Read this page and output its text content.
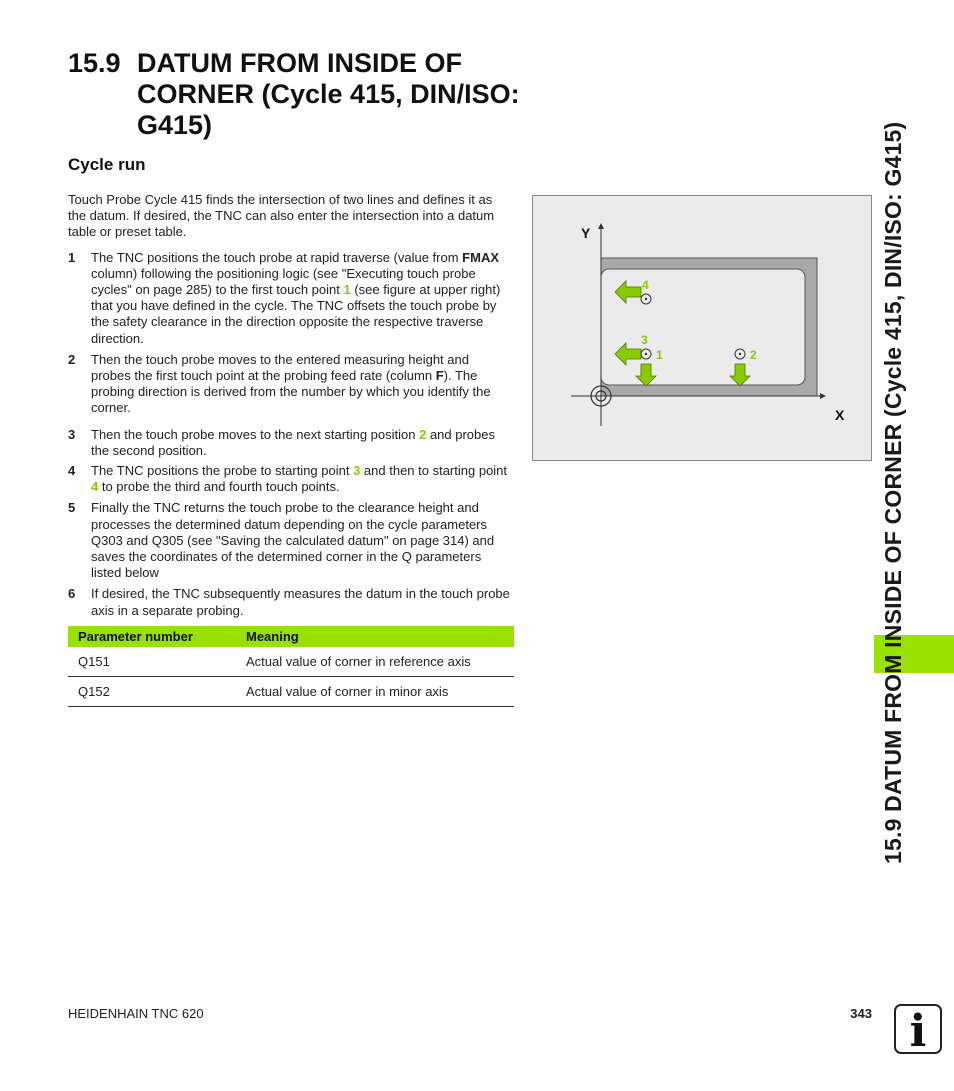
15.9 DATUM FROM INSIDE OF CORNER (Cycle 415, DIN/ISO: G415)
Cycle run

Touch Probe Cycle 415 finds the intersection of two lines and defines it as the datum. If desired, the TNC can also enter the intersection into a datum table or preset table.

1 The TNC positions the touch probe at rapid traverse (value from FMAX column) following the positioning logic (see "Executing touch probe cycles" on page 285) to the first touch point 1 (see figure at upper right) that you have defined in the cycle. The TNC offsets the touch probe by the safety clearance in the direction opposite the respective traverse direction.
2 Then the touch probe moves to the entered measuring height and probes the first touch point at the probing feed rate (column F). The probing direction is derived from the number by which you identify the corner.
3 Then the touch probe moves to the next starting position 2 and probes the second position.
4 The TNC positions the probe to starting point 3 and then to starting point 4 to probe the third and fourth touch points.
5 Finally the TNC returns the touch probe to the clearance height and processes the determined datum depending on the cycle parameters Q303 and Q305 (see "Saving the calculated datum" on page 314) and saves the coordinates of the determined corner in the Q parameters listed below
6 If desired, the TNC subsequently measures the datum in the touch probe axis in a separate probing.
Parameter number	Meaning
Q151	Actual value of corner in reference axis
Q152	Actual value of corner in minor axis
Y
X
4
3
1	2	15.9 DATUM FROM INSIDE OF CORNER (Cycle 415, DIN/ISO: G415)
HEIDENHAIN TNC 620	343 i
